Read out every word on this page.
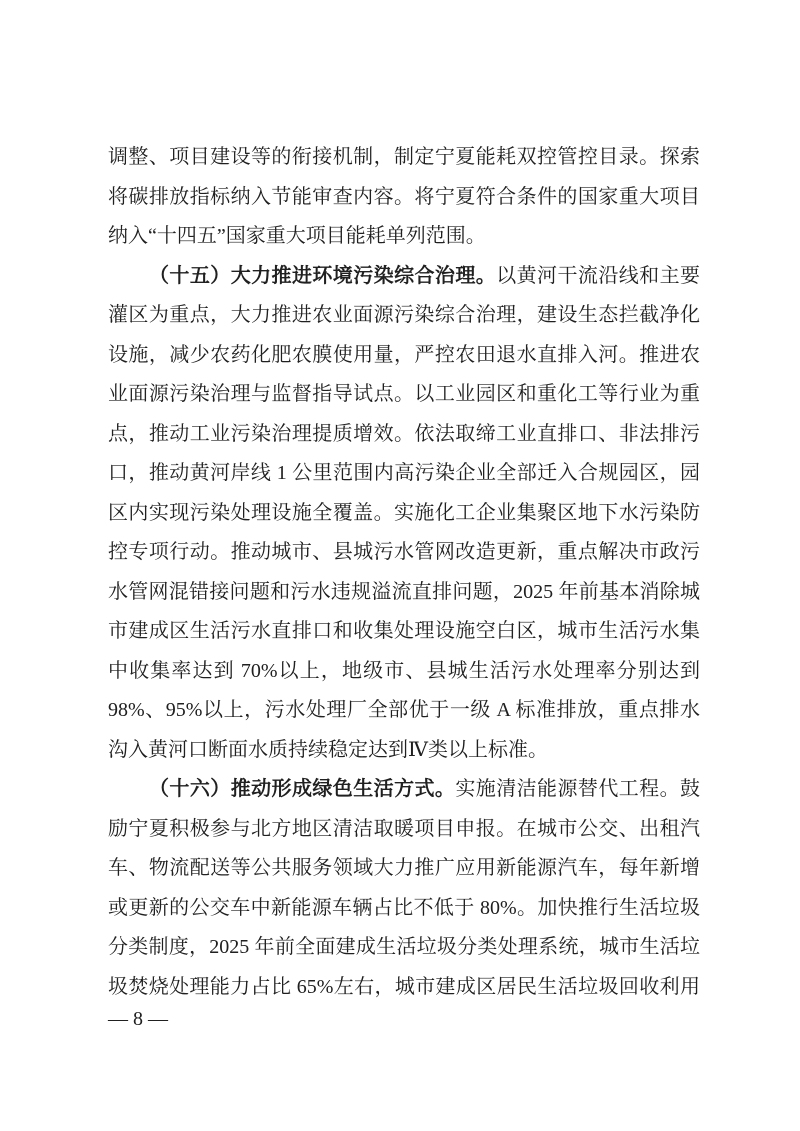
调整、项目建设等的衔接机制，制定宁夏能耗双控管控目录。探索
将碳排放指标纳入节能审查内容。将宁夏符合条件的国家重大项目
纳入“十四五”国家重大项目能耗单列范围。
（十五）大力推进环境污染综合治理。以黄河干流沿线和主要
灌区为重点，大力推进农业面源污染综合治理，建设生态拦截净化
设施，减少农药化肥农膜使用量，严控农田退水直排入河。推进农
业面源污染治理与监督指导试点。以工业园区和重化工等行业为重
点，推动工业污染治理提质增效。依法取缔工业直排口、非法排污
口，推动黄河岸线 1 公里范围内高污染企业全部迁入合规园区，园
区内实现污染处理设施全覆盖。实施化工企业集聚区地下水污染防
控专项行动。推动城市、县城污水管网改造更新，重点解决市政污
水管网混错接问题和污水违规溢流直排问题，2025 年前基本消除城
市建成区生活污水直排口和收集处理设施空白区，城市生活污水集
中收集率达到 70%以上，地级市、县城生活污水处理率分别达到
98%、95%以上，污水处理厂全部优于一级 A 标准排放，重点排水
沟入黄河口断面水质持续稳定达到Ⅳ类以上标准。
（十六）推动形成绿色生活方式。实施清洁能源替代工程。鼓
励宁夏积极参与北方地区清洁取暖项目申报。在城市公交、出租汽
车、物流配送等公共服务领域大力推广应用新能源汽车，每年新增
或更新的公交车中新能源车辆占比不低于 80%。加快推行生活垃圾
分类制度，2025 年前全面建成生活垃圾分类处理系统，城市生活垃
圾焚烧处理能力占比 65%左右，城市建成区居民生活垃圾回收利用
— 8 —
